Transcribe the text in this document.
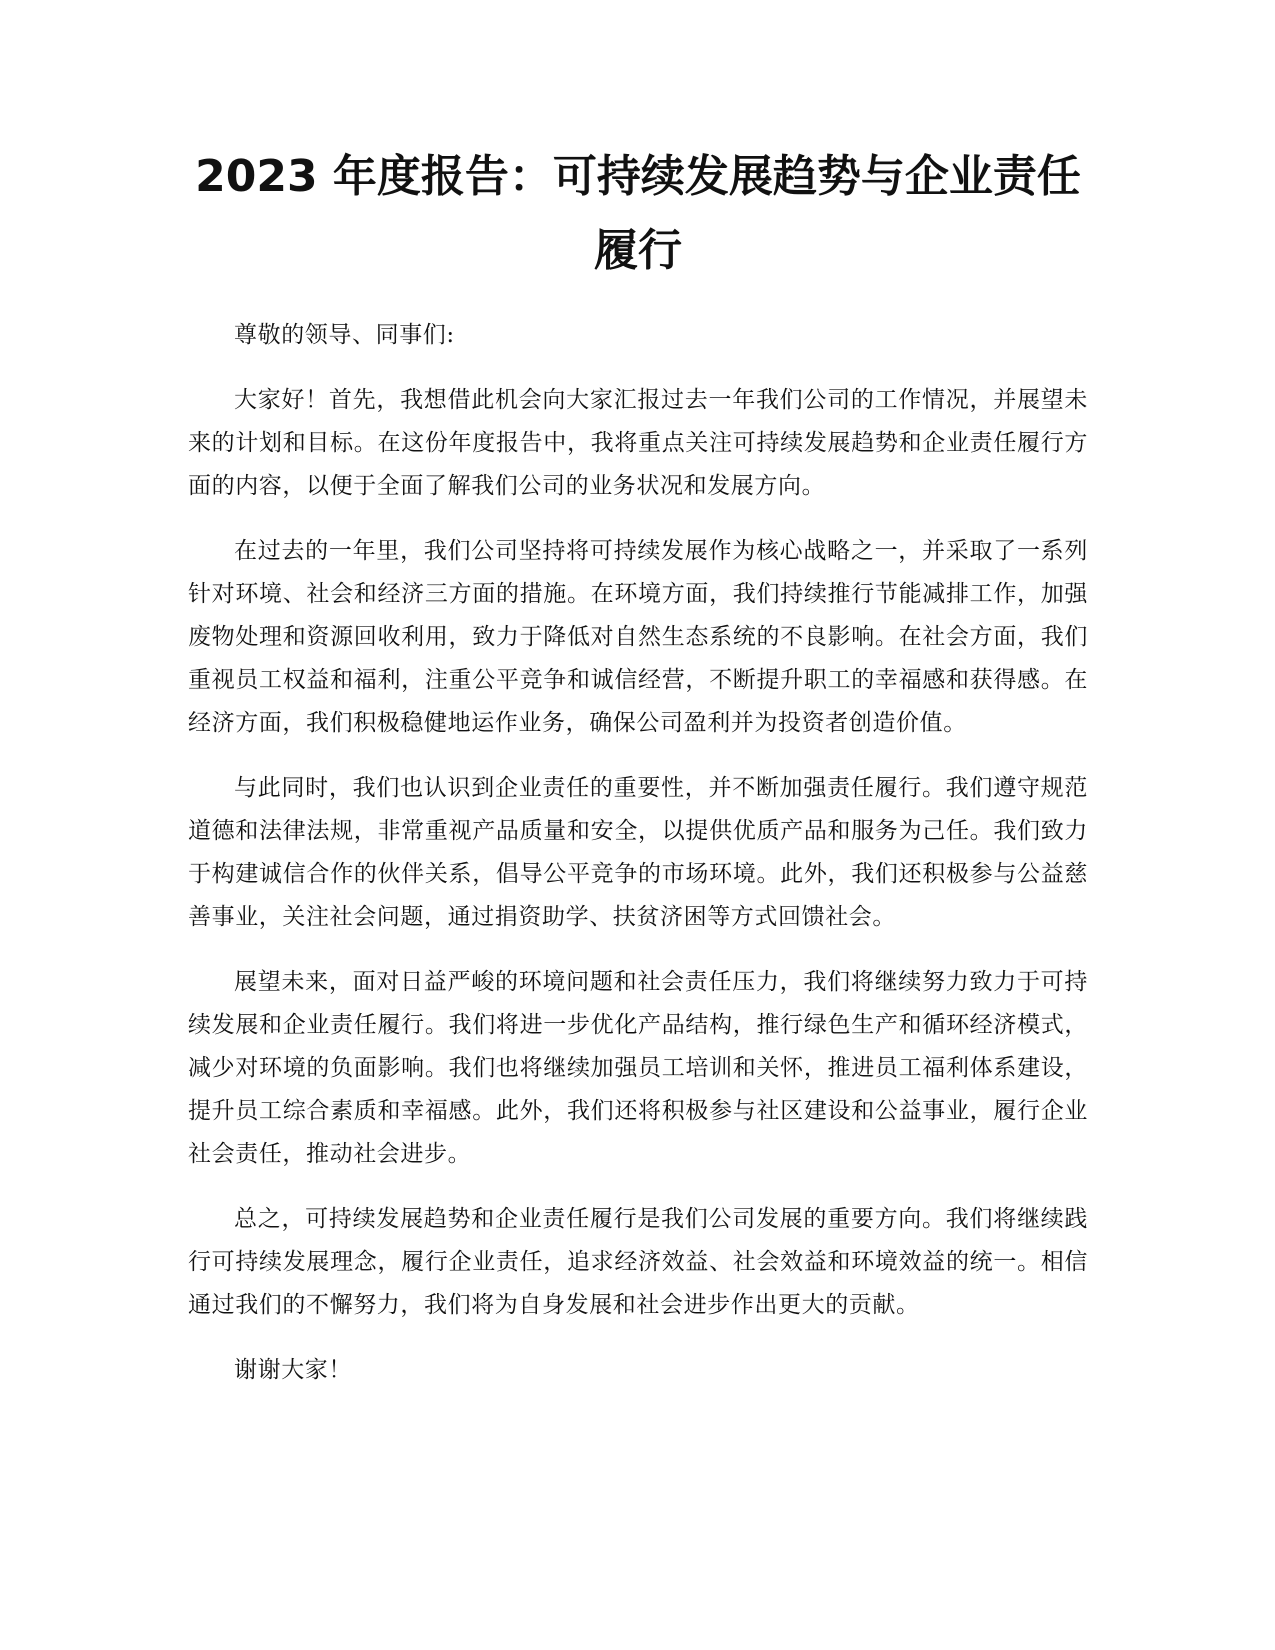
2023 年度报告：可持续发展趋势与企业责任
履行

尊敬的领导、同事们:

大家好！首先，我想借此机会向大家汇报过去一年我们公司的工作情况，并展望未来的计划和目标。在这份年度报告中，我将重点关注可持续发展趋势和企业责任履行方面的内容，以便于全面了解我们公司的业务状况和发展方向。

在过去的一年里，我们公司坚持将可持续发展作为核心战略之一，并采取了一系列针对环境、社会和经济三方面的措施。在环境方面，我们持续推行节能减排工作，加强废物处理和资源回收利用，致力于降低对自然生态系统的不良影响。在社会方面，我们重视员工权益和福利，注重公平竞争和诚信经营，不断提升职工的幸福感和获得感。在经济方面，我们积极稳健地运作业务，确保公司盈利并为投资者创造价值。

与此同时，我们也认识到企业责任的重要性，并不断加强责任履行。我们遵守规范道德和法律法规，非常重视产品质量和安全，以提供优质产品和服务为己任。我们致力于构建诚信合作的伙伴关系，倡导公平竞争的市场环境。此外，我们还积极参与公益慈善事业，关注社会问题，通过捐资助学、扶贫济困等方式回馈社会。

展望未来，面对日益严峻的环境问题和社会责任压力，我们将继续努力致力于可持续发展和企业责任履行。我们将进一步优化产品结构，推行绿色生产和循环经济模式，减少对环境的负面影响。我们也将继续加强员工培训和关怀，推进员工福利体系建设，提升员工综合素质和幸福感。此外，我们还将积极参与社区建设和公益事业，履行企业社会责任，推动社会进步。

总之，可持续发展趋势和企业责任履行是我们公司发展的重要方向。我们将继续践行可持续发展理念，履行企业责任，追求经济效益、社会效益和环境效益的统一。相信通过我们的不懈努力，我们将为自身发展和社会进步作出更大的贡献。

谢谢大家！
